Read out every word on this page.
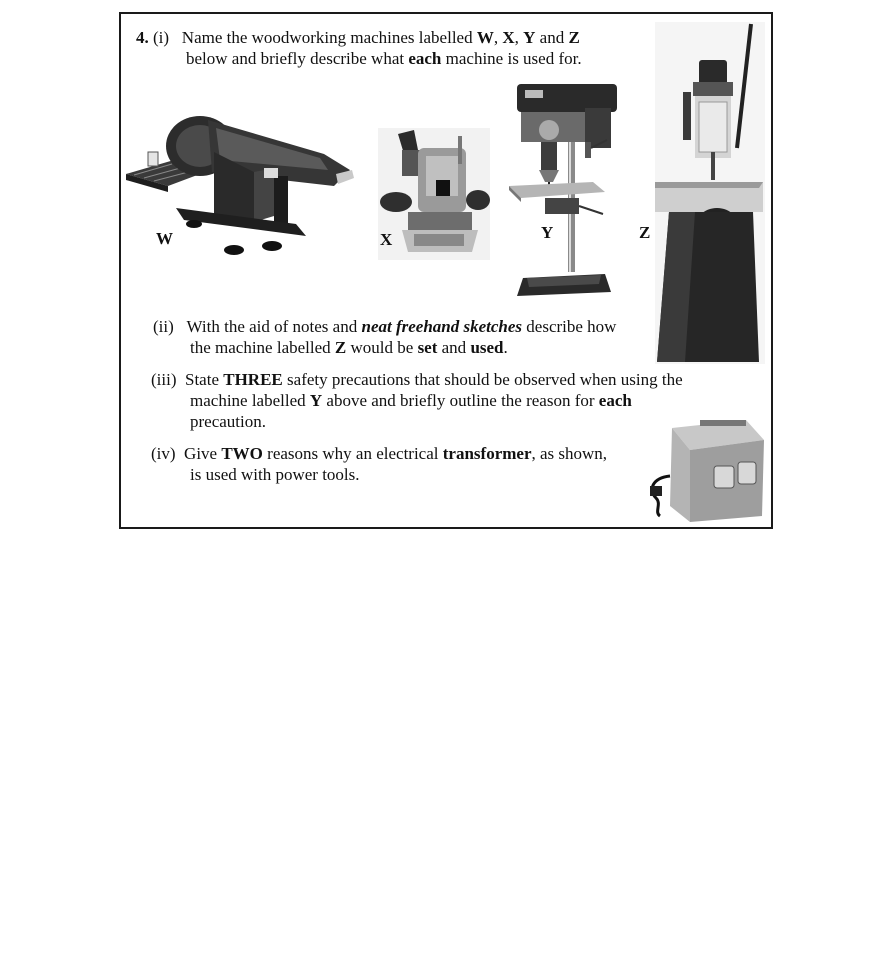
4. (i) Name the woodworking machines labelled W, X, Y and Z
below and briefly describe what each machine is used for.
W	X	Y	Z
(ii) With the aid of notes and neat freehand sketches describe how
the machine labelled Z would be set and used.
(iii) State THREE safety precautions that should be observed when using the
machine labelled Y above and briefly outline the reason for each
precaution.
(iv) Give TWO reasons why an electrical transformer, as shown,
is used with power tools.
